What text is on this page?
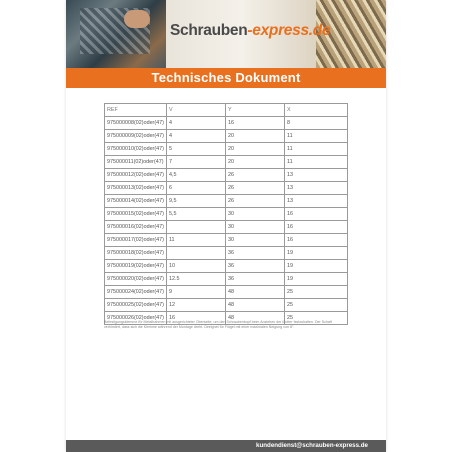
Schrauben-express.de
Technisches Dokument
REF	V	Y	X
975000008(02)oder(47)	4	16	8
975000009(02)oder(47)	4	20	11
975000010(02)oder(47)	5	20	11
975000011(02)oder(47)	7	20	11
975000012(02)oder(47)	4,5	26	13
975000013(02)oder(47)	6	26	13
975000014(02)oder(47)	9,5	26	13
975000015(02)oder(47)	5,5	30	16
975000016(02)oder(47)		30	16
975000017(02)oder(47)	11	30	16
975000018(02)oder(47)		36	19
975000019(02)oder(47)	10	36	19
975000020(02)oder(47)	12.5	36	19
975000024(02)oder(47)	9	48	25
975000025(02)oder(47)	12	48	25
975000026(02)oder(47)	16	48	25
Befestigungsklemme für Metallrahmen mit ausgerichteter Oberseite, um den Schraubenkopf beim Anziehen der Mutter festzuhalten. Der Schaft verhindert, dass sich die Klemme während der Montage dreht. Geeignet für Flügel mit einer maximalen Neigung von 8°.
kundendienst@schrauben-express.de
